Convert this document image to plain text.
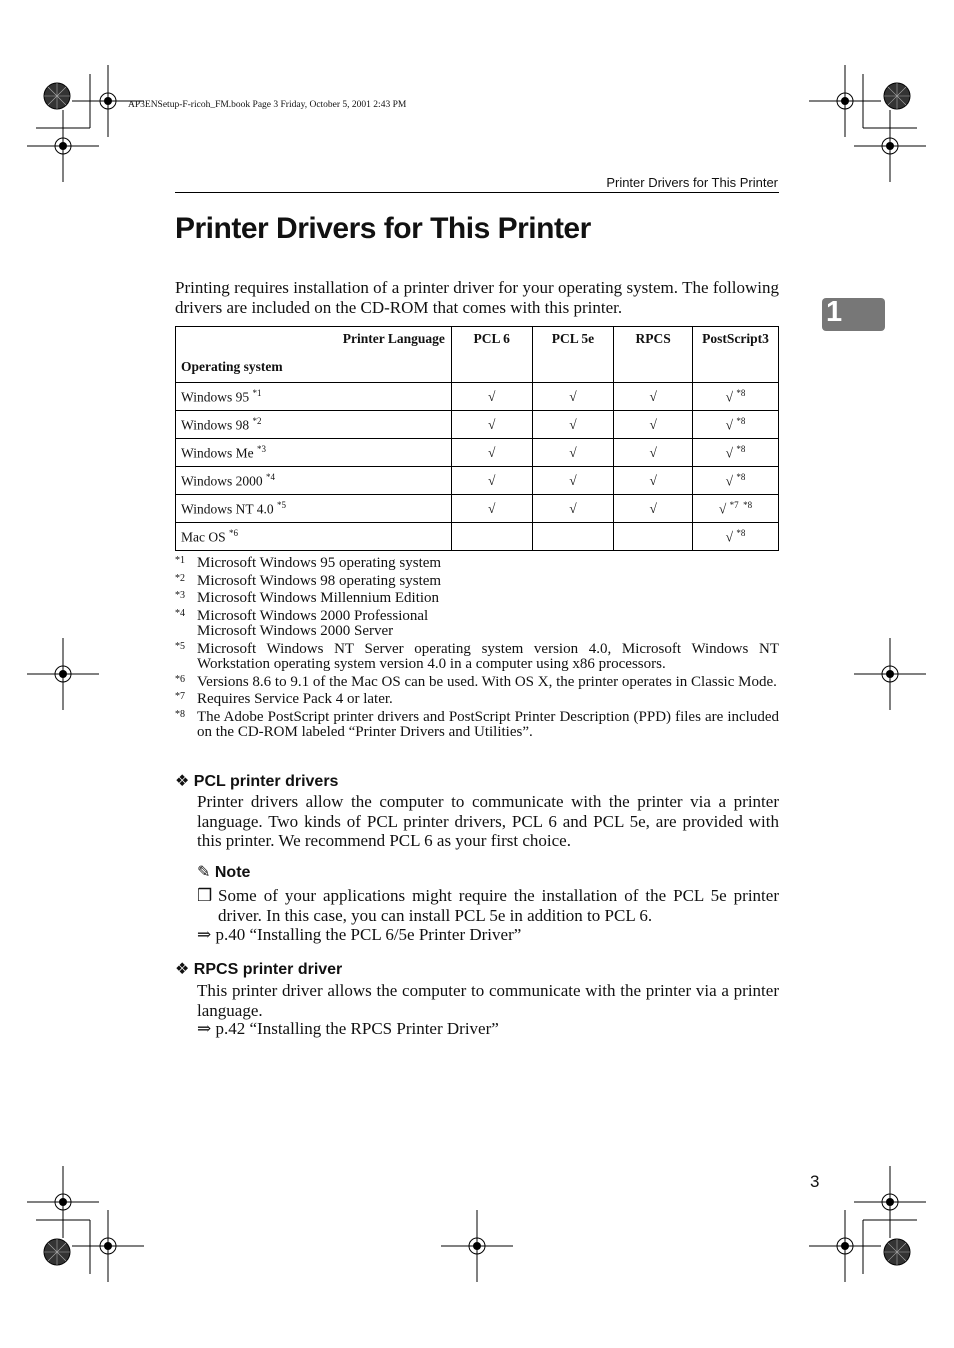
AP3ENSetup-F-ricoh_FM.book Page 3 Friday, October 5, 2001 2:43 PM
Printer Drivers for This Printer
Printer Drivers for This Printer
1

Printing requires installation of a printer driver for your operating system. The following drivers are included on the CD-ROM that comes with this printer.

Printer Language
Operating system	PCL 6	PCL 5e	RPCS	PostScript3
Windows 95 $^{*1}$	√	√	√	√ $^{*8}$
Windows 98 $^{*2}$	√	√	√	√ $^{*8}$
Windows Me $^{*3}$	√	√	√	√ $^{*8}$
Windows 2000 $^{*4}$	√	√	√	√ $^{*8}$
Windows NT 4.0 $^{*5}$	√	√	√	√ $^{*7 *8}$
Mac OS $^{*6}$				√ $^{*8}$
*1 Microsoft Windows 95 operating system
*2 Microsoft Windows 98 operating system
*3 Microsoft Windows Millennium Edition
*4 Microsoft Windows 2000 Professional
Microsoft Windows 2000 Server
*5 Microsoft Windows NT Server operating system version 4.0, Microsoft Windows NT Workstation operating system version 4.0 in a computer using x86 processors.
*6 Versions 8.6 to 9.1 of the Mac OS can be used. With OS X, the printer operates in Classic Mode.
*7 Requires Service Pack 4 or later.
*8 The Adobe PostScript printer drivers and PostScript Printer Description (PPD) files are included on the CD-ROM labeled “Printer Drivers and Utilities”.
❖ PCL printer drivers

Printer drivers allow the computer to communicate with the printer via a printer language. Two kinds of PCL printer drivers, PCL 6 and PCL 5e, are provided with this printer. We recommend PCL 6 as your first choice.

✎ Note
❒ Some of your applications might require the installation of the PCL 5e printer driver. In this case, you can install PCL 5e in addition to PCL 6.
⇒ p.40 “Installing the PCL 6/5e Printer Driver”
❖ RPCS printer driver

This printer driver allows the computer to communicate with the printer via a printer language.

⇒ p.42 “Installing the RPCS Printer Driver”
3
